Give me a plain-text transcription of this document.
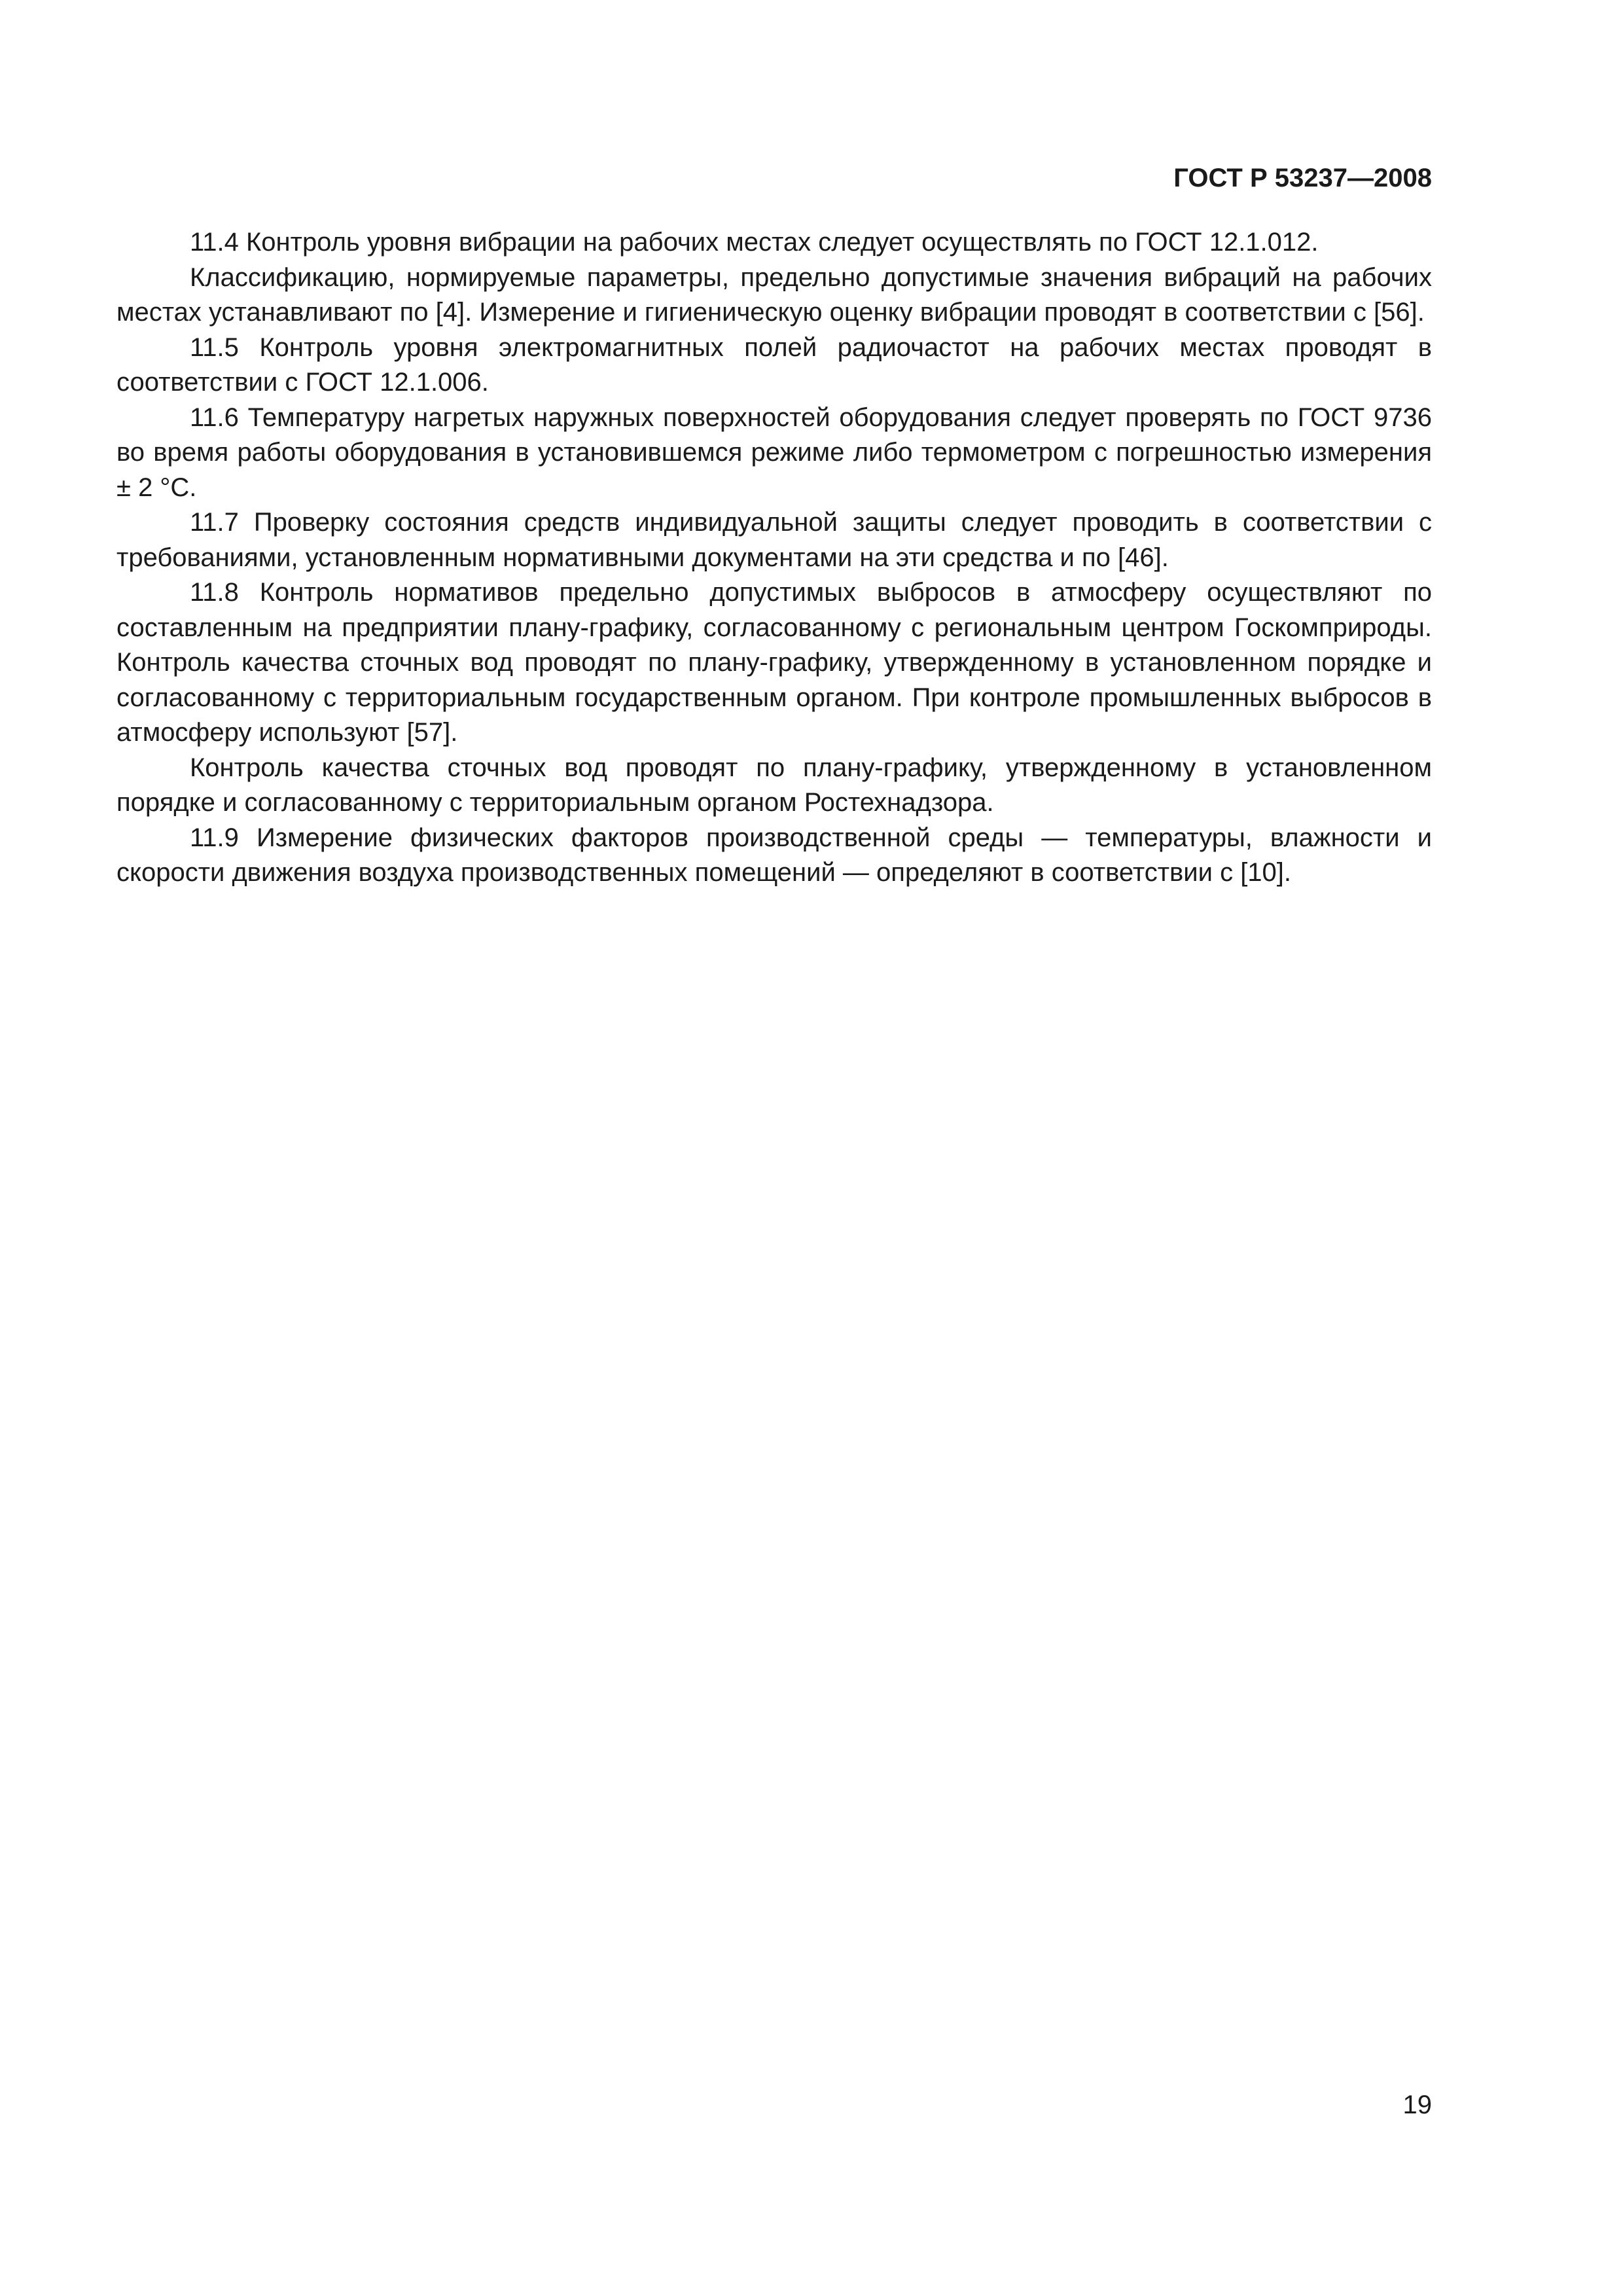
ГОСТ Р 53237—2008

11.4 Контроль уровня вибрации на рабочих местах следует осуществлять по ГОСТ 12.1.012.

Классификацию, нормируемые параметры, предельно допустимые значения вибраций на рабочих местах устанавливают по [4]. Измерение и гигиеническую оценку вибрации проводят в соответствии с [56].

11.5 Контроль уровня электромагнитных полей радиочастот на рабочих местах проводят в соответствии с ГОСТ 12.1.006.

11.6 Температуру нагретых наружных поверхностей оборудования следует проверять по ГОСТ 9736 во время работы оборудования в установившемся режиме либо термометром с погрешностью измерения ± 2 °С.

11.7 Проверку состояния средств индивидуальной защиты следует проводить в соответствии с требованиями, установленным нормативными документами на эти средства и по [46].

11.8 Контроль нормативов предельно допустимых выбросов в атмосферу осуществляют по составленным на предприятии плану-графику, согласованному с региональным центром Госкомприроды. Контроль качества сточных вод проводят по плану-графику, утвержденному в установленном порядке и согласованному с территориальным государственным органом. При контроле промышленных выбросов в атмосферу используют [57].

Контроль качества сточных вод проводят по плану-графику, утвержденному в установленном порядке и согласованному с территориальным органом Ростехнадзора.

11.9 Измерение физических факторов производственной среды — температуры, влажности и скорости движения воздуха производственных помещений — определяют в соответствии с [10].

19
